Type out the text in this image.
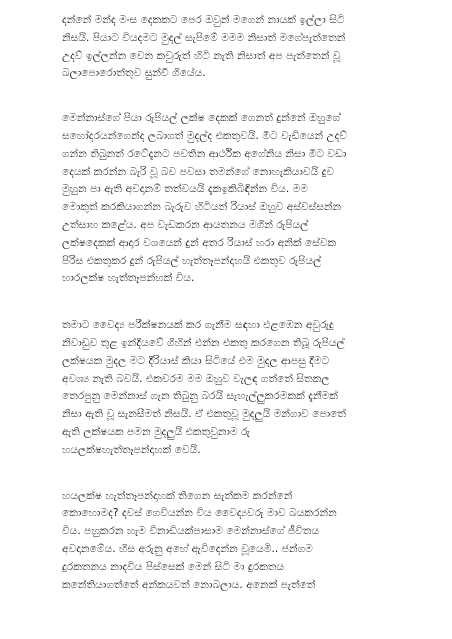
දන්නේ මන්ද මංස දෙකකට පෙර ඔවුන් මගෙන් නායක් ඉල්ලා සිටි
නිසයි. පියාට වියදමට මුදල් සැපිමේ මමම නිසාත් මගේපැත්තෙන්
උදව් ඉල්ලන්න වෙන කවුරුත් හිටි නැති නිසාත් අප පැත්තෙන් වූ
බලාපොරොත්තුව සුන්වී ගියේය.
මෙන්නාස්ගේ පියා රුපියල් ලක්ෂ දෙකක් ගෙනත් දුන්නේ ඔහුගේ
සහෝදරයන්ගෙන්ද ලබාගත් මුදල්ද එකතුවයි. මීට වැඩියෙන් උදව්
ගන්න තිබුනත් රටේදැනට පවතින ආර්ථික අගේනිය නිසා මීට වඩා
දෙයක් කරන්න බැරි වූ බව පවසා තමන්ගේ නොහැකියාවයි දුව
මුහුන පා ඇති අවදානම් තත්වයයි දැකඉකිබිඳින්න විය. මම
මොකුත් කරකියාගන්න බැරුව හිටියත් රියාස් ඔහුව අස්වස්සන්න
උත්සාහ කළේය. අප වැඩකරන ආයතනය මගින් රුපියල්
ලක්ෂදෙකක් ආදාර වශයෙන් දුන් අතර රියාස් හරා අනික් සේවක
පිරිස එකතුකර දුන් රුපියල් හැත්තෑපන්දාහයි එකතුව රුපියල්
හාරලක්ෂ හැත්තෑපන්හක් විය.
තමාට වෛද්‍ය පරීක්ෂනයක් කර ගැනීම සඳහා එළඹෙන අවුරුදු
නිවාඩුව තුළ ඉන්දියවේ ගිහින් එන්න එකතු කරගෙන තිබූ රුපියල්
ලක්ෂයක මුදල මට දීරියාස් කියා සිටියේ එම මුදල ආපසු දීමට
අවශ්‍ය නැති බවයි. එකවරම මම ඔහුව වැලඳ ගත්තේ සිතකල
තෙරපුනු මෙන්නාස් ගැන තිබුනු බරයි සැහැල්ලුකරමකක් දැනීමක්
නිසා ඇති වූ සැනසීමත් නිසයි. ඒ එකතුවූ මුදලුයි මන්ගාව පොතේ
ඇති ලක්ෂයක පමන මුදලුයි එකතුවුනාම රු
හයලක්ෂහැත්තෑපන්දාහක් වෙයි.
හයලක්ෂ හැත්තෑපන්දාහක් තිගෙන සැත්කම කරන්නේ
කොහොමද? දවස් ගෙවියන්න විය වෛද්‍යවරු මාව බයකරන්න
විය. පහුකරන හැම විනාඩියක්පාසාම මෙන්නාස්ගේ ජීවිතය
අවදානමේය. හිස අරුනු අහේ ඇවිදෙන්න වූයෙමි.. ජන්ගම
දුරකතනය නාදවිය පිස්සෙක් මෙන් සිටි මා දුරකතය
කනේතියාගත්තේ අන්කයවත් නොබලාය. අනෙක් පැත්තේ
